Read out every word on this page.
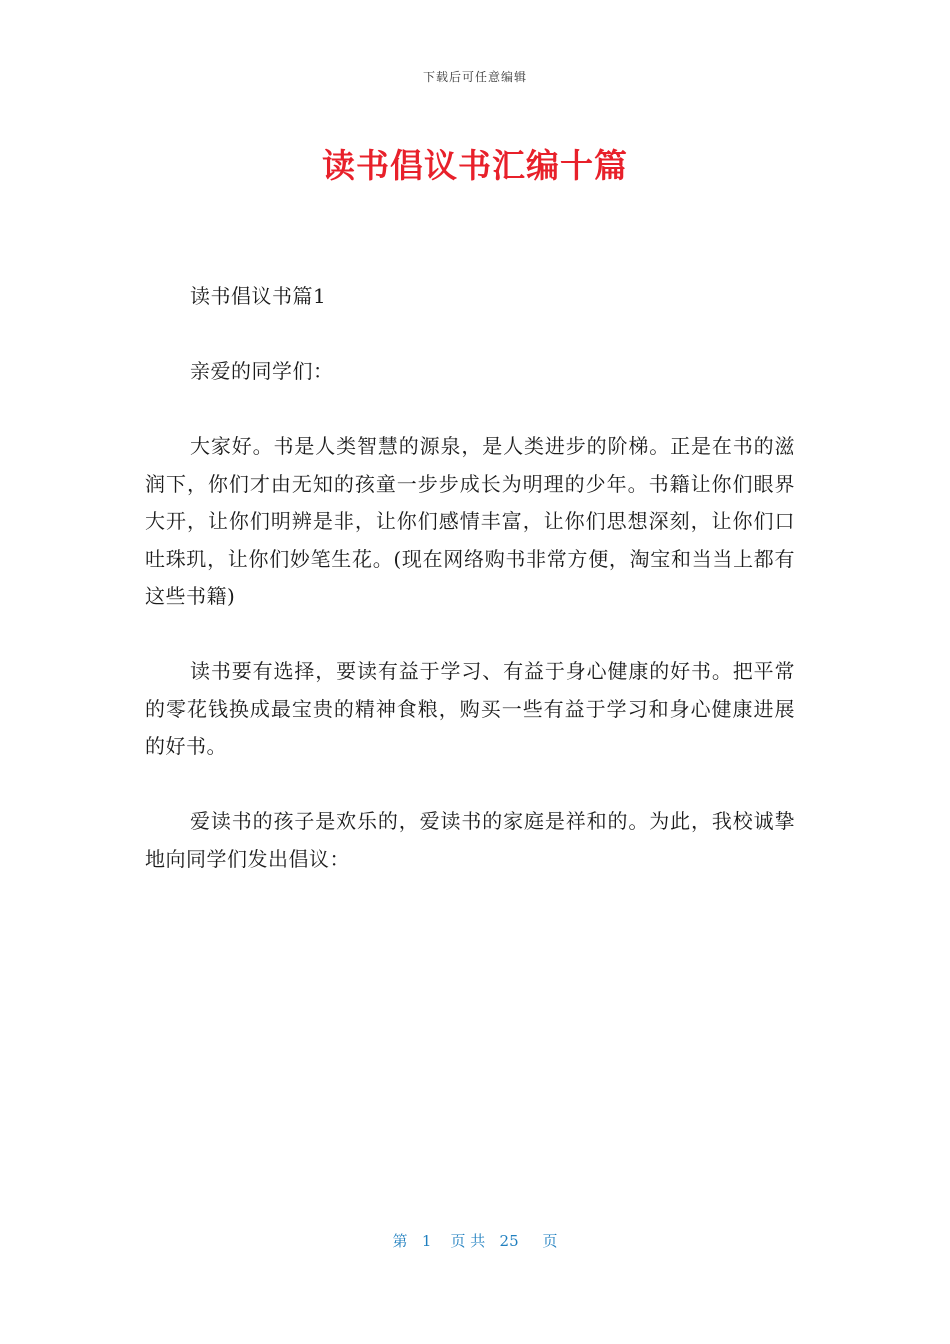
下载后可任意编辑
读书倡议书汇编十篇

读书倡议书篇1

亲爱的同学们：

大家好。书是人类智慧的源泉，是人类进步的阶梯。正是在书的滋润下，你们才由无知的孩童一步步成长为明理的少年。书籍让你们眼界大开，让你们明辨是非，让你们感情丰富，让你们思想深刻，让你们口吐珠玑，让你们妙笔生花。(现在网络购书非常方便，淘宝和当当上都有这些书籍)

读书要有选择，要读有益于学习、有益于身心健康的好书。把平常的零花钱换成最宝贵的精神食粮，购买一些有益于学习和身心健康进展的好书。

爱读书的孩子是欢乐的，爱读书的家庭是祥和的。为此，我校诚挚地向同学们发出倡议：

第 1 页 共 25 页
